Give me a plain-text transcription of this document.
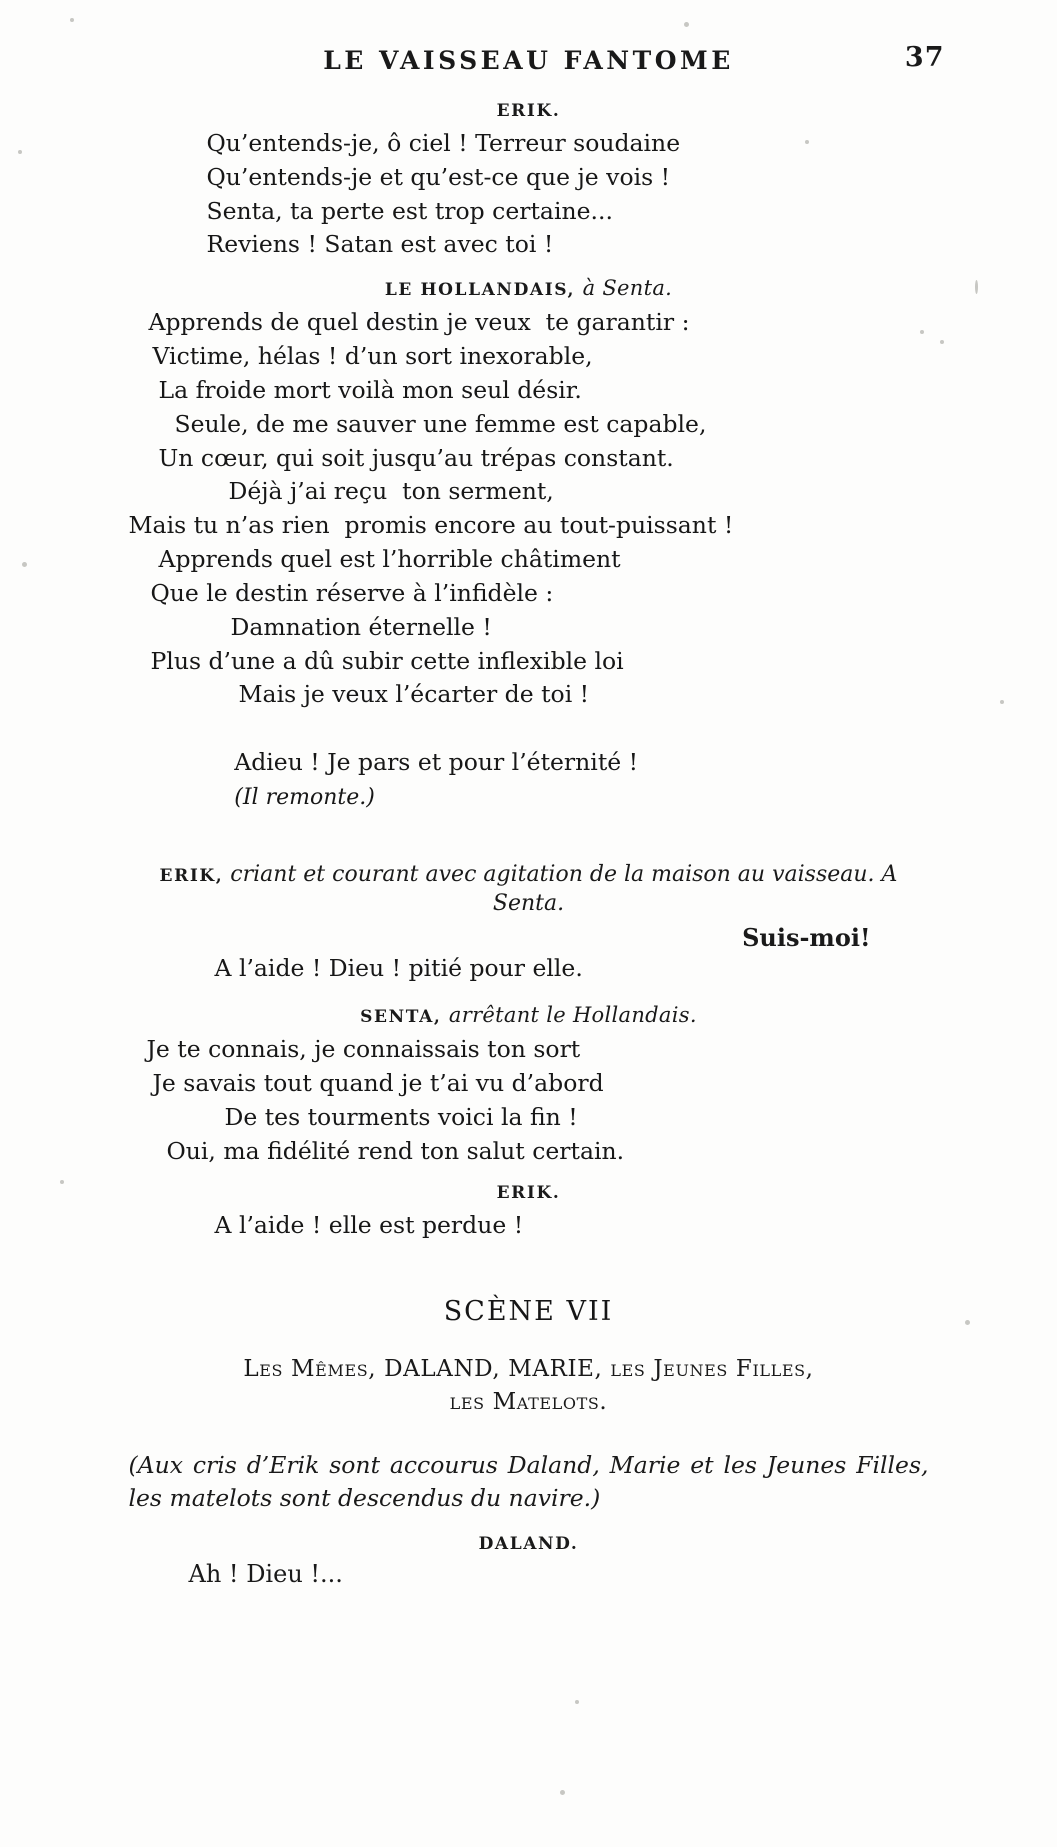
LE VAISSEAU FANTOME	37
ERIK.
Qu’entends-je, ô ciel ! Terreur soudaine
Qu’entends-je et qu’est-ce que je vois !
Senta, ta perte est trop certaine...
Reviens ! Satan est avec toi !
LE HOLLANDAIS, à Senta.
Apprends de quel destin je veux  te garantir :
Victime, hélas ! d’un sort inexorable,
La froide mort voilà mon seul désir.
Seule, de me sauver une femme est capable,
Un cœur, qui soit jusqu’au trépas constant.
Déjà j’ai reçu  ton serment,
Mais tu n’as rien  promis encore au tout-puissant !
Apprends quel est l’horrible châtiment
Que le destin réserve à l’infidèle :
Damnation éternelle !
Plus d’une a dû subir cette inflexible loi
Mais je veux l’écarter de toi !

Adieu ! Je pars et pour l’éternité !
(Il remonte.)

ERIK, criant et courant avec agitation de la maison au vaisseau. A Senta.
Suis-moi!
A l’aide ! Dieu ! pitié pour elle.
SENTA, arrêtant le Hollandais.
Je te connais, je connaissais ton sort
Je savais tout quand je t’ai vu d’abord
De tes tourments voici la fin !
Oui, ma fidélité rend ton salut certain.
ERIK.
A l’aide ! elle est perdue !
SCÈNE VII
Les Mêmes, DALAND, MARIE, les Jeunes Filles,
les Matelots.
(Aux cris d’Erik sont accourus Daland, Marie et les Jeunes Filles, les matelots sont descendus du navire.)
DALAND.
Ah ! Dieu !...
